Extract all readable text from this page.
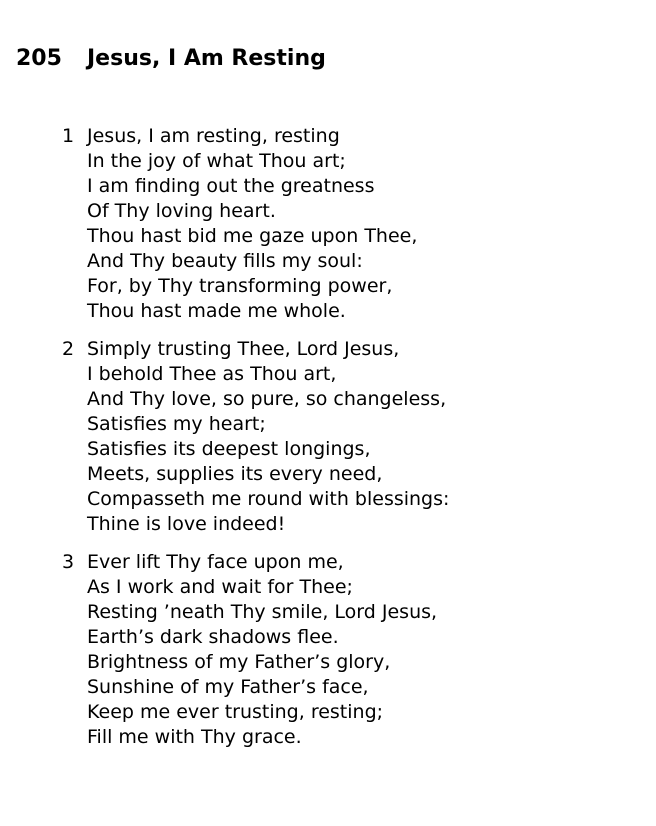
205 Jesus, I Am Resting
1 Jesus, I am resting, resting
In the joy of what Thou art;
I am finding out the greatness
Of Thy loving heart.
Thou hast bid me gaze upon Thee,
And Thy beauty fills my soul:
For, by Thy transforming power,
Thou hast made me whole.
2 Simply trusting Thee, Lord Jesus,
I behold Thee as Thou art,
And Thy love, so pure, so changeless,
Satisfies my heart;
Satisfies its deepest longings,
Meets, supplies its every need,
Compasseth me round with blessings:
Thine is love indeed!
3 Ever lift Thy face upon me,
As I work and wait for Thee;
Resting ’neath Thy smile, Lord Jesus,
Earth’s dark shadows flee.
Brightness of my Father’s glory,
Sunshine of my Father’s face,
Keep me ever trusting, resting;
Fill me with Thy grace.
